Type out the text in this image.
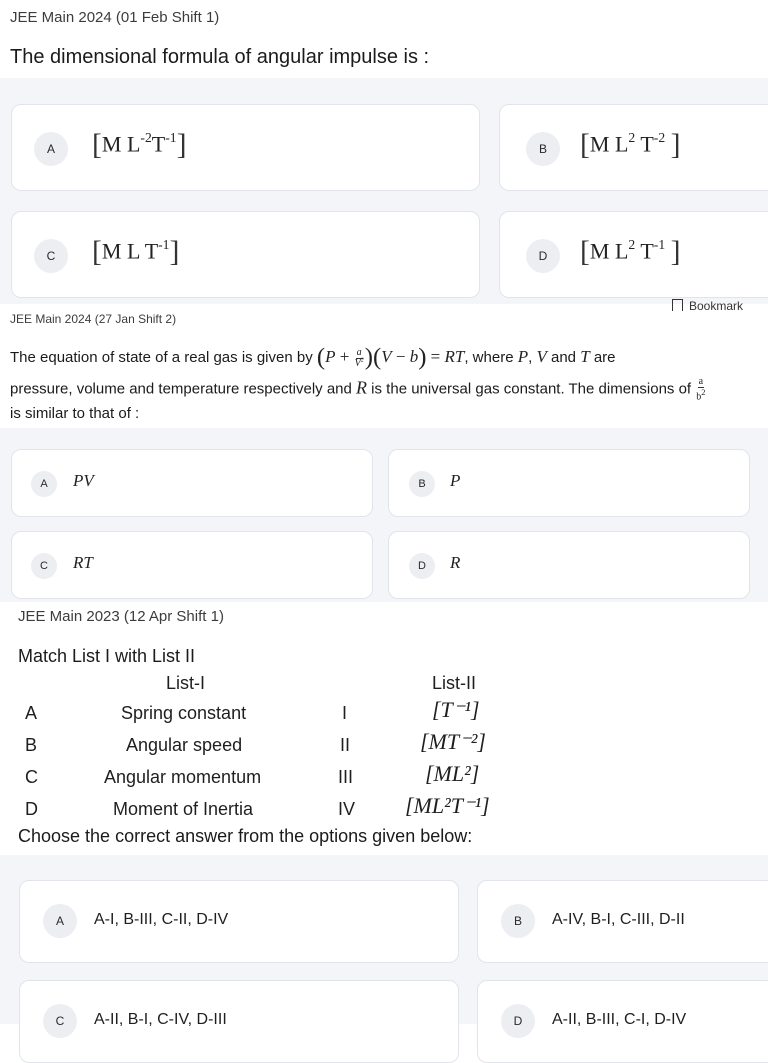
JEE Main 2024 (01 Feb Shift 1)
The dimensional formula of angular impulse is :
A	[M $L^{-2}T^{-1}$]	B	[M $L^2$ $T^{-2}$ ]
C	[M L $T^{-1}$]	D	[M $L^2$ $T^{-1}$ ]
Bookmark
JEE Main 2024 (27 Jan Shift 2)
The equation of state of a real gas is given by $(P + \frac{a}{V^2} )(V - b)$ = RT, where P, V and T are
pressure, volume and temperature respectively and R is the universal gas constant. The dimensions of $\frac{a}{b^2}$
is similar to that of :
A	PV	B	P
C	RT	D	R
JEE Main 2023 (12 Apr Shift 1)
Match List I with List II
List-I	List-II
A	Spring constant	I	[T⁻¹]
B	Angular speed	II	[MT⁻²]
C	Angular momentum	III	[ML²]
D	Moment of Inertia	IV [ML²T⁻¹]
Choose the correct answer from the options given below:
A	A-I, B-III, C-II, D-IV	B	A-IV, B-I, C-III, D-II
C	A-II, B-I, C-IV, D-III	D	A-II, B-III, C-I, D-IV
